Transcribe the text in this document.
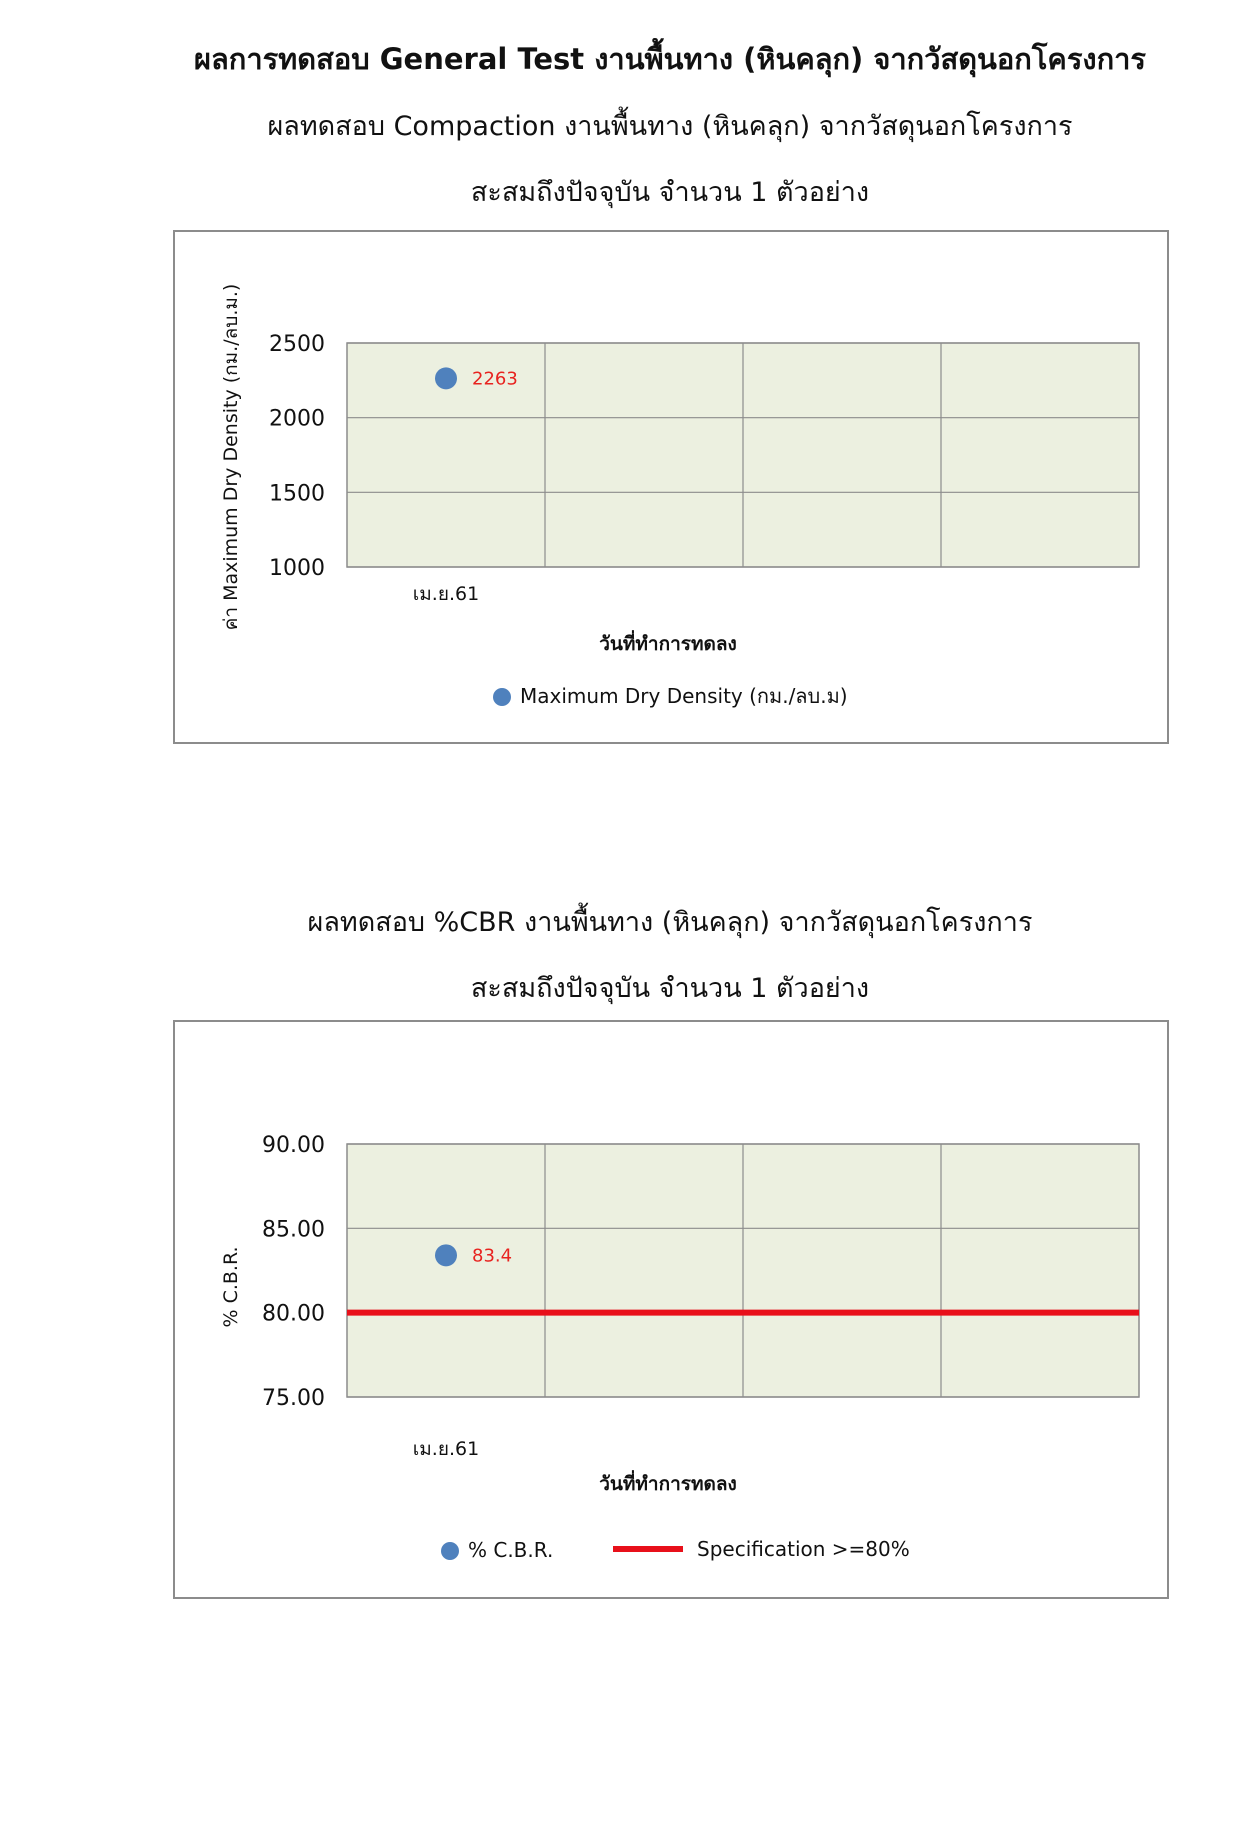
ผลการทดสอบ General Test งานพื้นทาง (หินคลุก) จากวัสดุนอกโครงการ
ผลทดสอบ Compaction งานพื้นทาง (หินคลุก) จากวัสดุนอกโครงการ
สะสมถึงปัจจุบัน จำนวน 1 ตัวอย่าง
1000
1500
2000
2500
เม.ย.61
2263
วันที่ทำการทดลง
ค่า Maximum Dry Density (กม./ลบ.ม.)
Maximum Dry Density (กม./ลบ.ม)
ผลทดสอบ %CBR งานพื้นทาง (หินคลุก) จากวัสดุนอกโครงการ
สะสมถึงปัจจุบัน จำนวน 1 ตัวอย่าง
75.00
80.00
85.00
90.00
เม.ย.61
83.4
วันที่ทำการทดลง
% C.B.R.
% C.B.R.	Specification >=80%
